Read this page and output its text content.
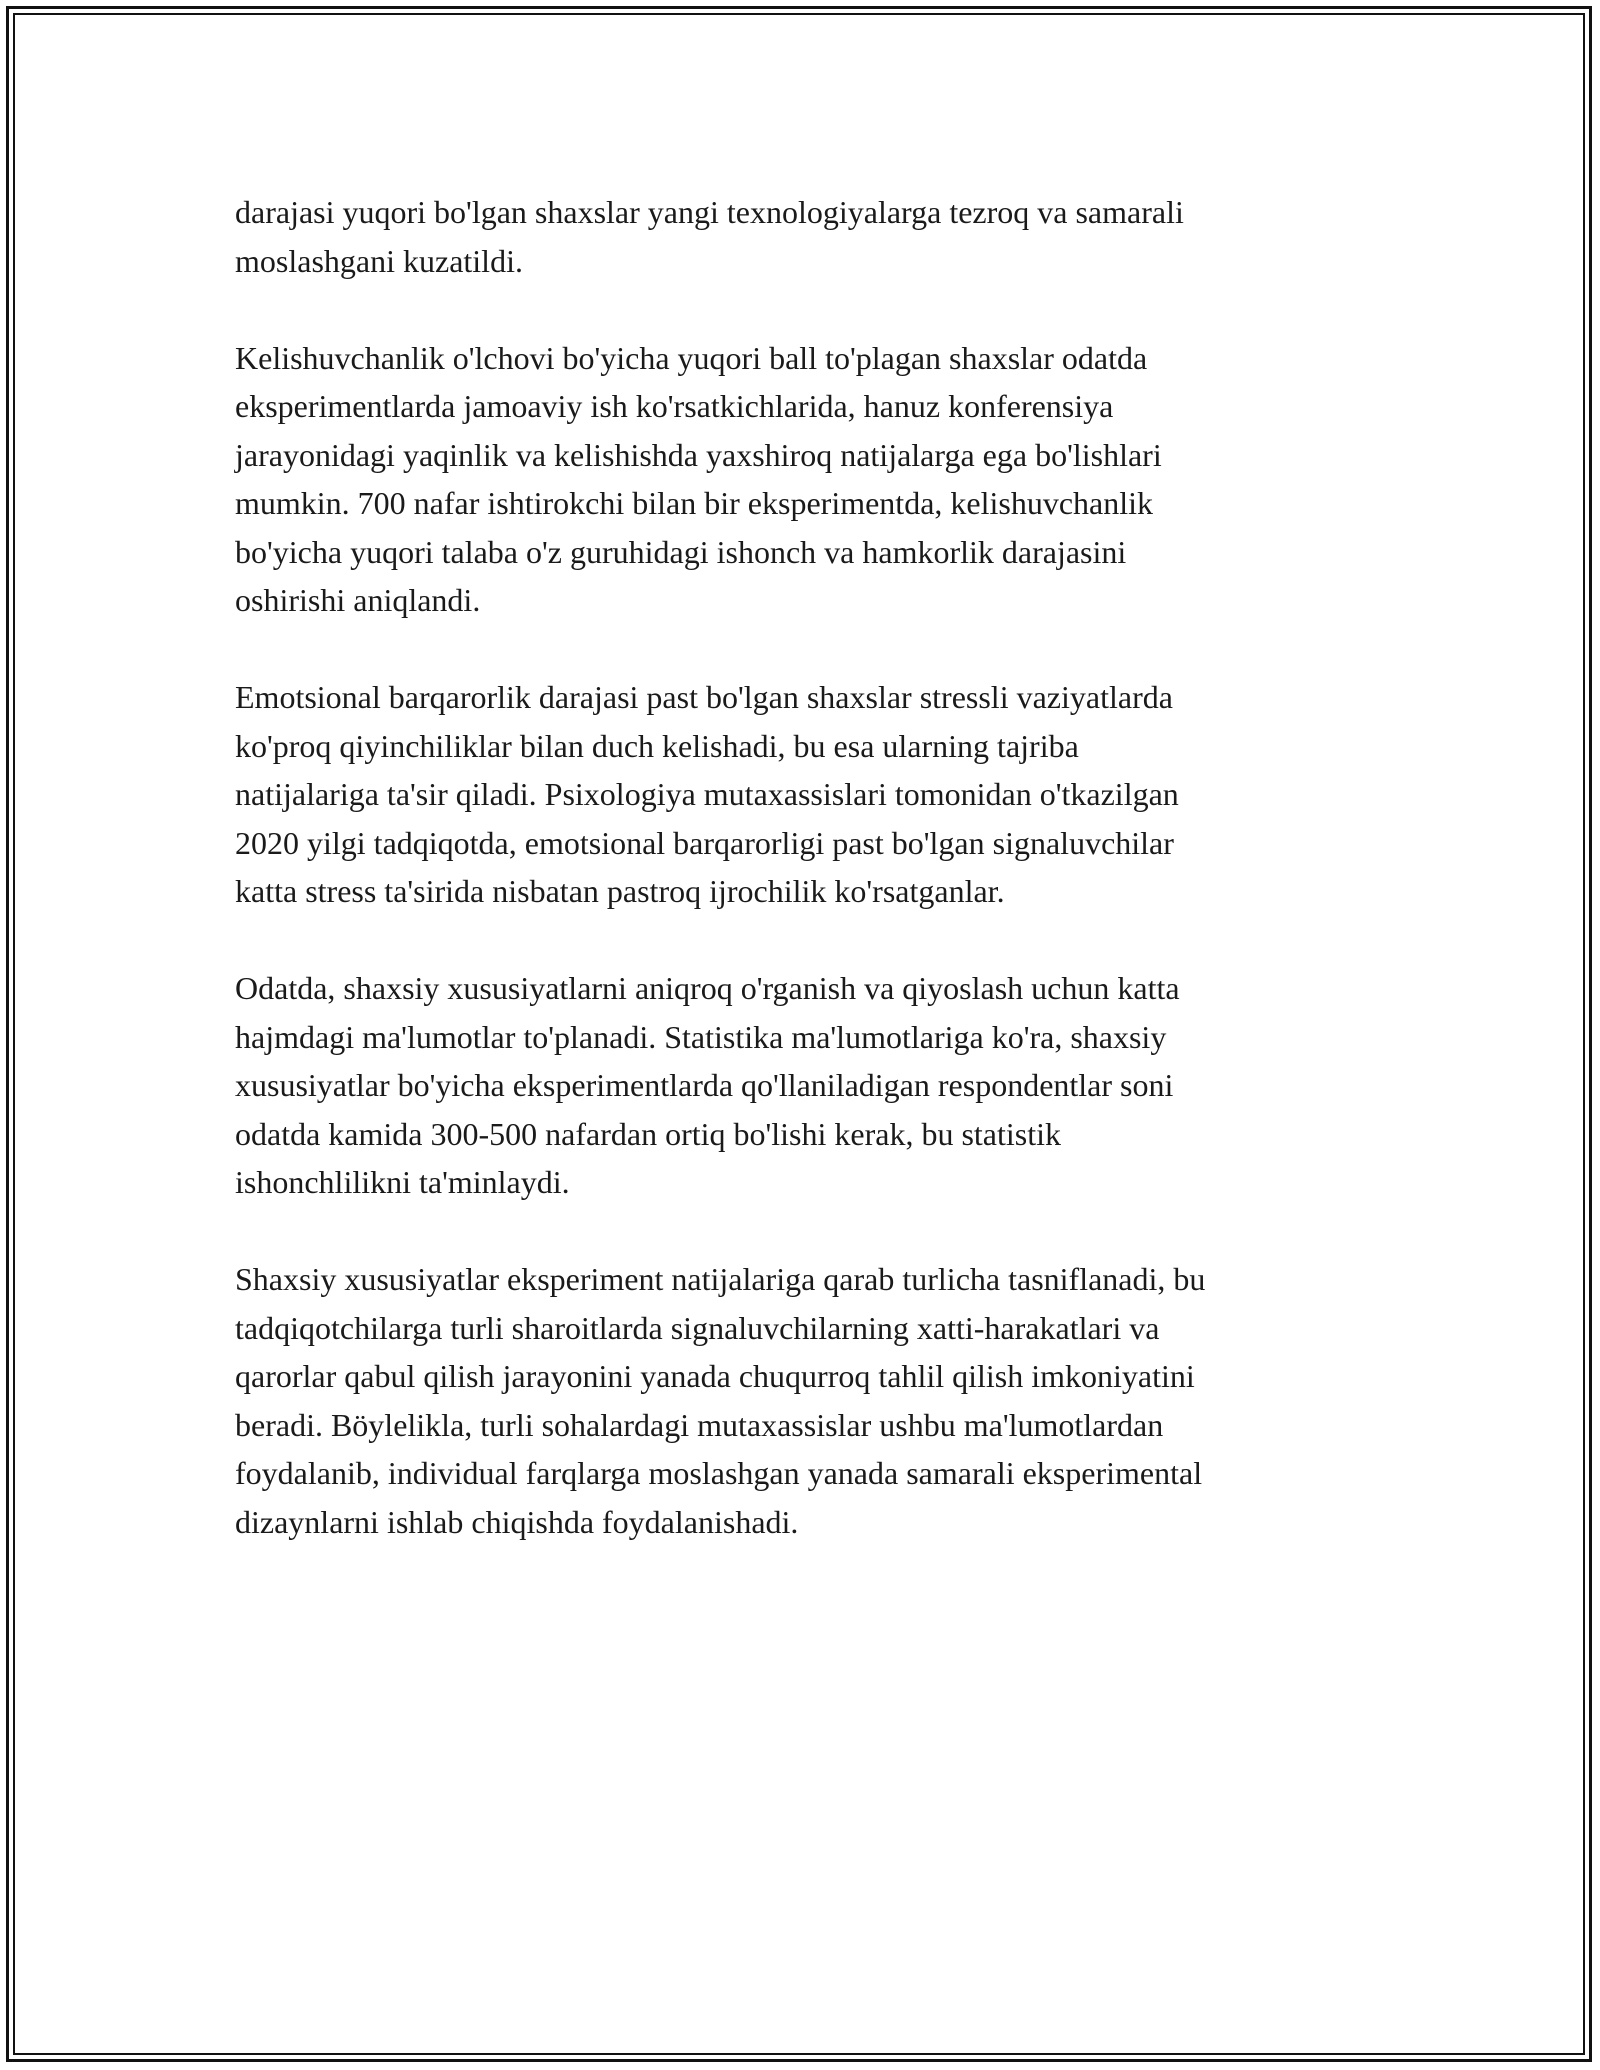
darajasi yuqori bo'lgan shaxslar yangi texnologiyalarga tezroq va samarali
moslashgani kuzatildi.

Kelishuvchanlik o'lchovi bo'yicha yuqori ball to'plagan shaxslar odatda
eksperimentlarda jamoaviy ish ko'rsatkichlarida, hanuz konferensiya
jarayonidagi yaqinlik va kelishishda yaxshiroq natijalarga ega bo'lishlari
mumkin. 700 nafar ishtirokchi bilan bir eksperimentda, kelishuvchanlik
bo'yicha yuqori talaba o'z guruhidagi ishonch va hamkorlik darajasini
oshirishi aniqlandi.

Emotsional barqarorlik darajasi past bo'lgan shaxslar stressli vaziyatlarda
ko'proq qiyinchiliklar bilan duch kelishadi, bu esa ularning tajriba
natijalariga ta'sir qiladi. Psixologiya mutaxassislari tomonidan o'tkazilgan
2020 yilgi tadqiqotda, emotsional barqarorligi past bo'lgan signaluvchilar
katta stress ta'sirida nisbatan pastroq ijrochilik ko'rsatganlar.

Odatda, shaxsiy xususiyatlarni aniqroq o'rganish va qiyoslash uchun katta
hajmdagi ma'lumotlar to'planadi. Statistika ma'lumotlariga ko'ra, shaxsiy
xususiyatlar bo'yicha eksperimentlarda qo'llaniladigan respondentlar soni
odatda kamida 300-500 nafardan ortiq bo'lishi kerak, bu statistik
ishonchlilikni ta'minlaydi.

Shaxsiy xususiyatlar eksperiment natijalariga qarab turlicha tasniflanadi, bu
tadqiqotchilarga turli sharoitlarda signaluvchilarning xatti-harakatlari va
qarorlar qabul qilish jarayonini yanada chuqurroq tahlil qilish imkoniyatini
beradi. Böylelikla, turli sohalardagi mutaxassislar ushbu ma'lumotlardan
foydalanib, individual farqlarga moslashgan yanada samarali eksperimental
dizaynlarni ishlab chiqishda foydalanishadi.
